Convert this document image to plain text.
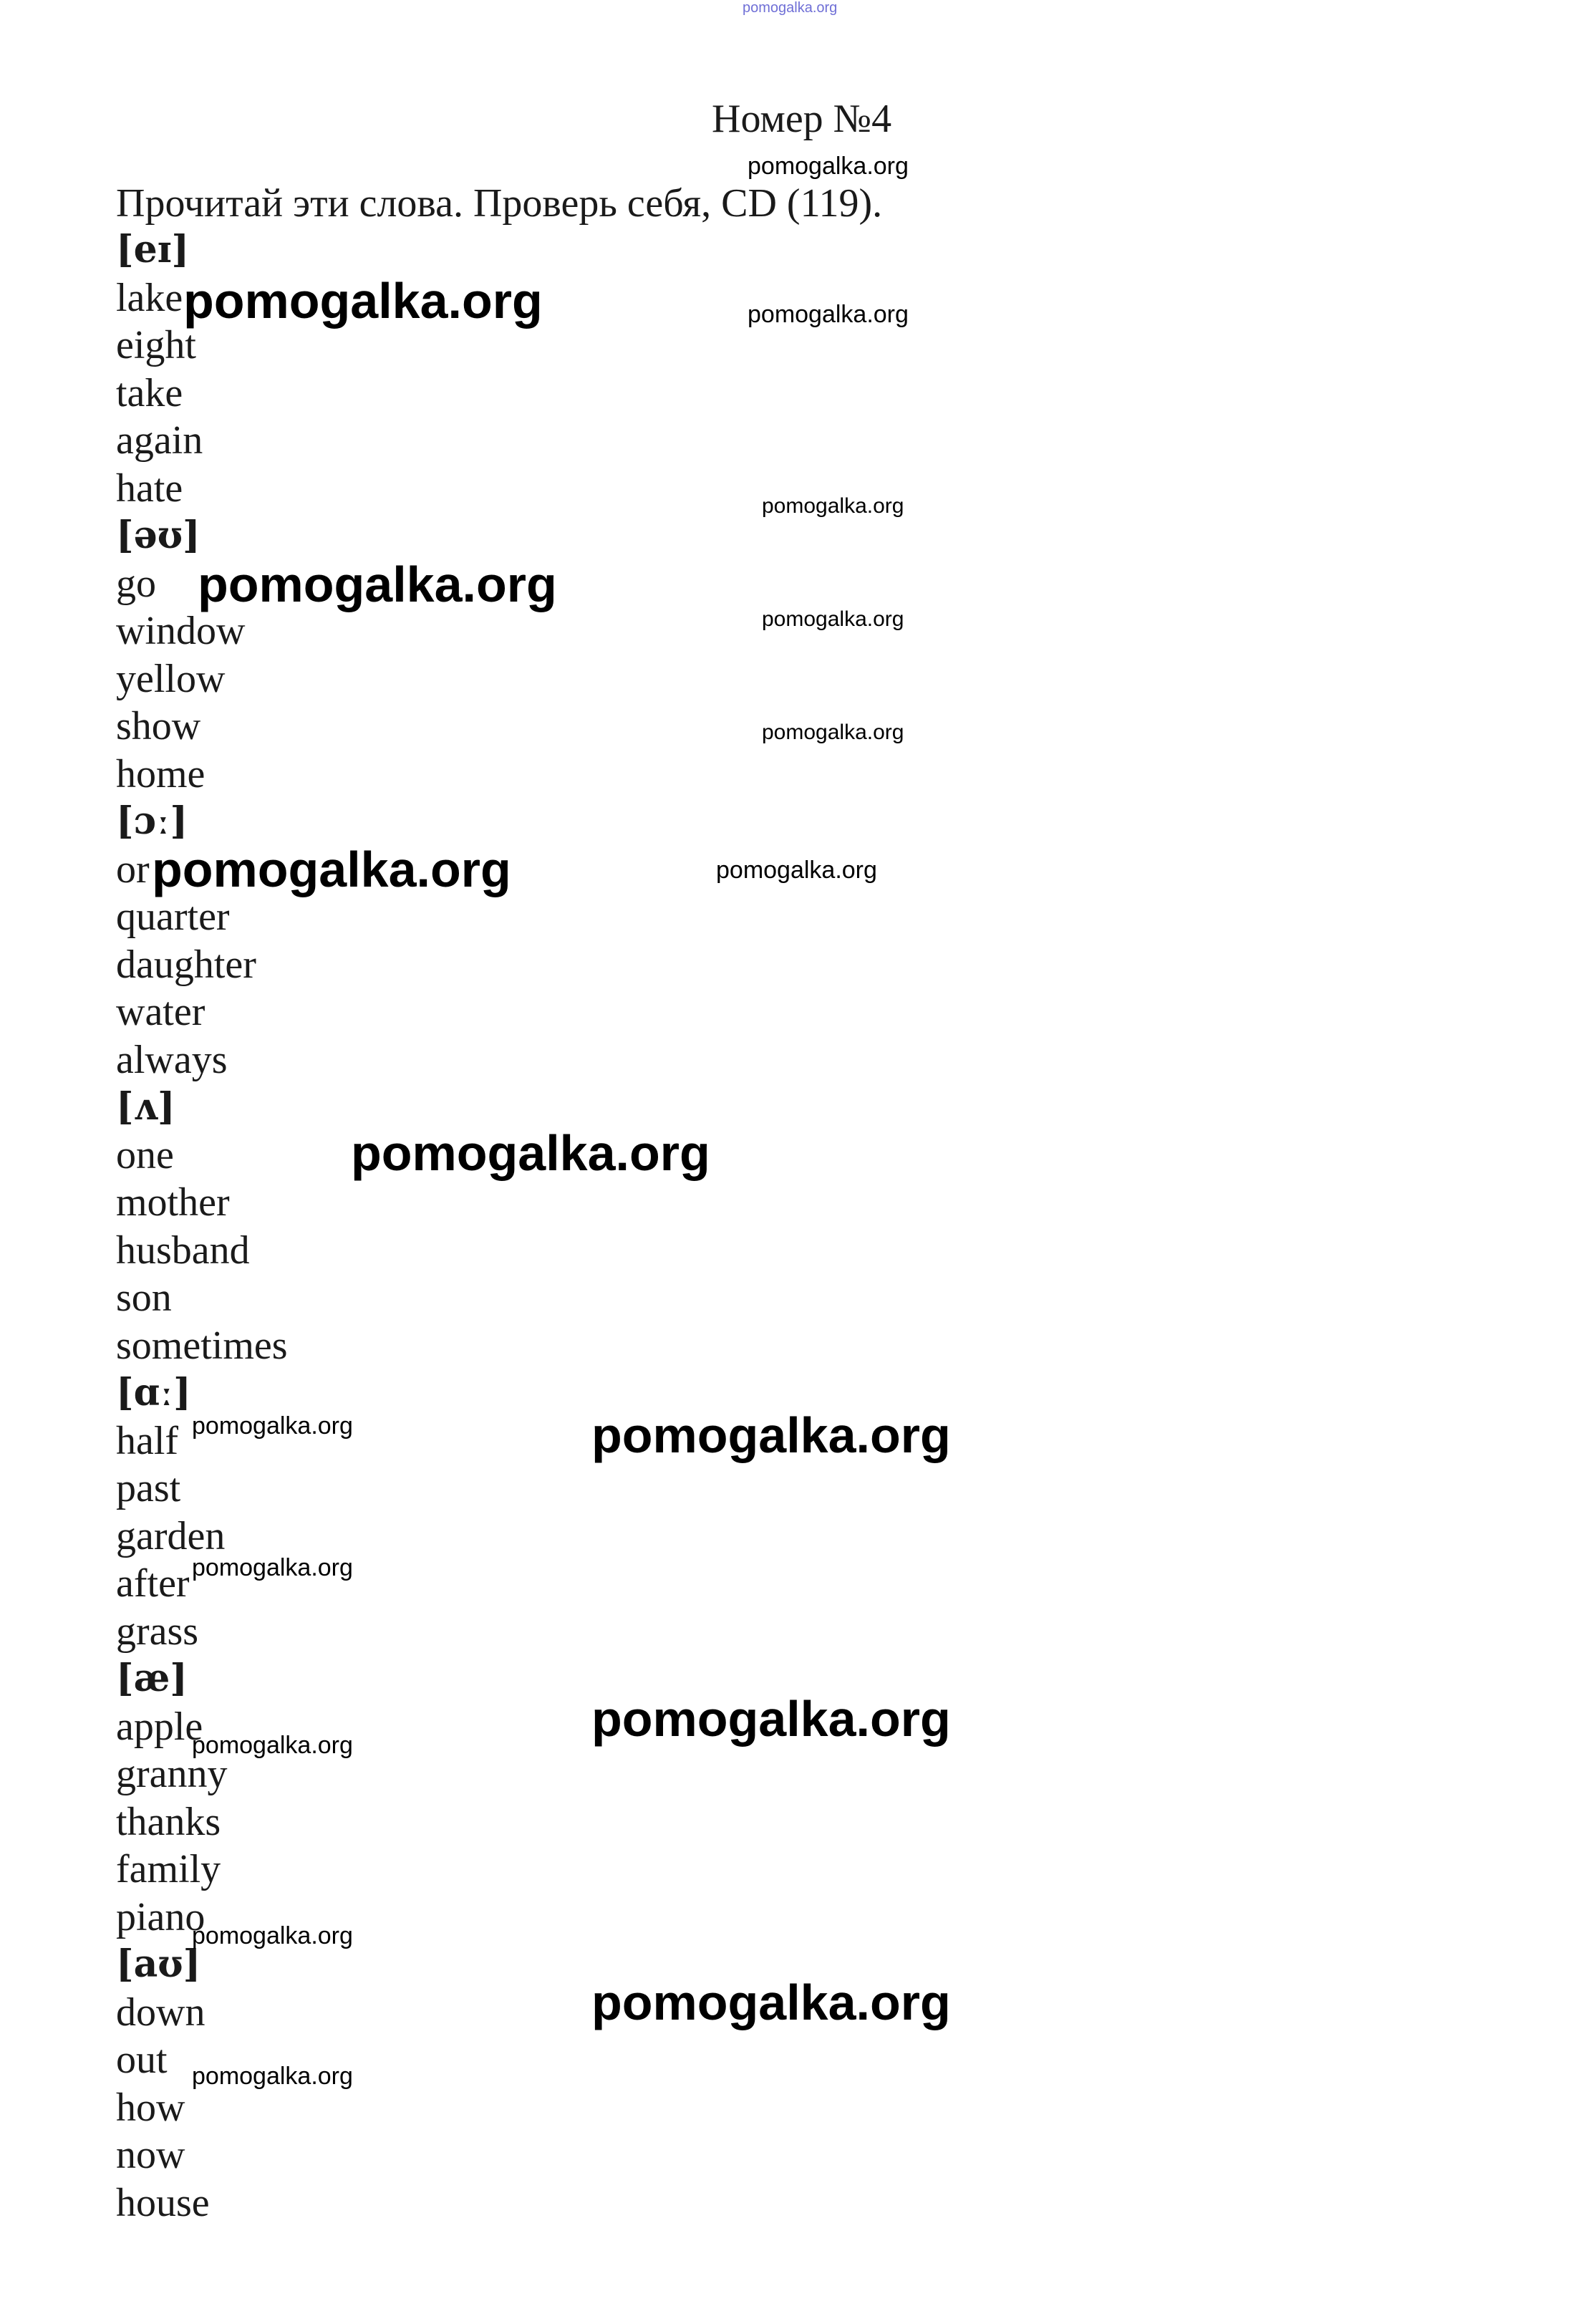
pomogalka.org
Номер №4
Прочитай эти слова. Проверь себя, CD (119).
[eɪ]
lake
eight
take
again
hate
[əʊ]
go
window
yellow
show
home
[ɔː]
or
quarter
daughter
water
always
[ʌ]
one
mother
husband
son
sometimes
[ɑː]
half
past
garden
after
grass
[æ]
apple
granny
thanks
family
piano
[aʊ]
down
out
how
now
house
pomogalka.org
pomogalka.org	pomogalka.org
pomogalka.org
pomogalka.org
pomogalka.org
pomogalka.org
pomogalka.org	pomogalka.org
pomogalka.org
pomogalka.org	pomogalka.org
pomogalka.org
pomogalka.org
pomogalka.org
pomogalka.org
pomogalka.org
pomogalka.org
